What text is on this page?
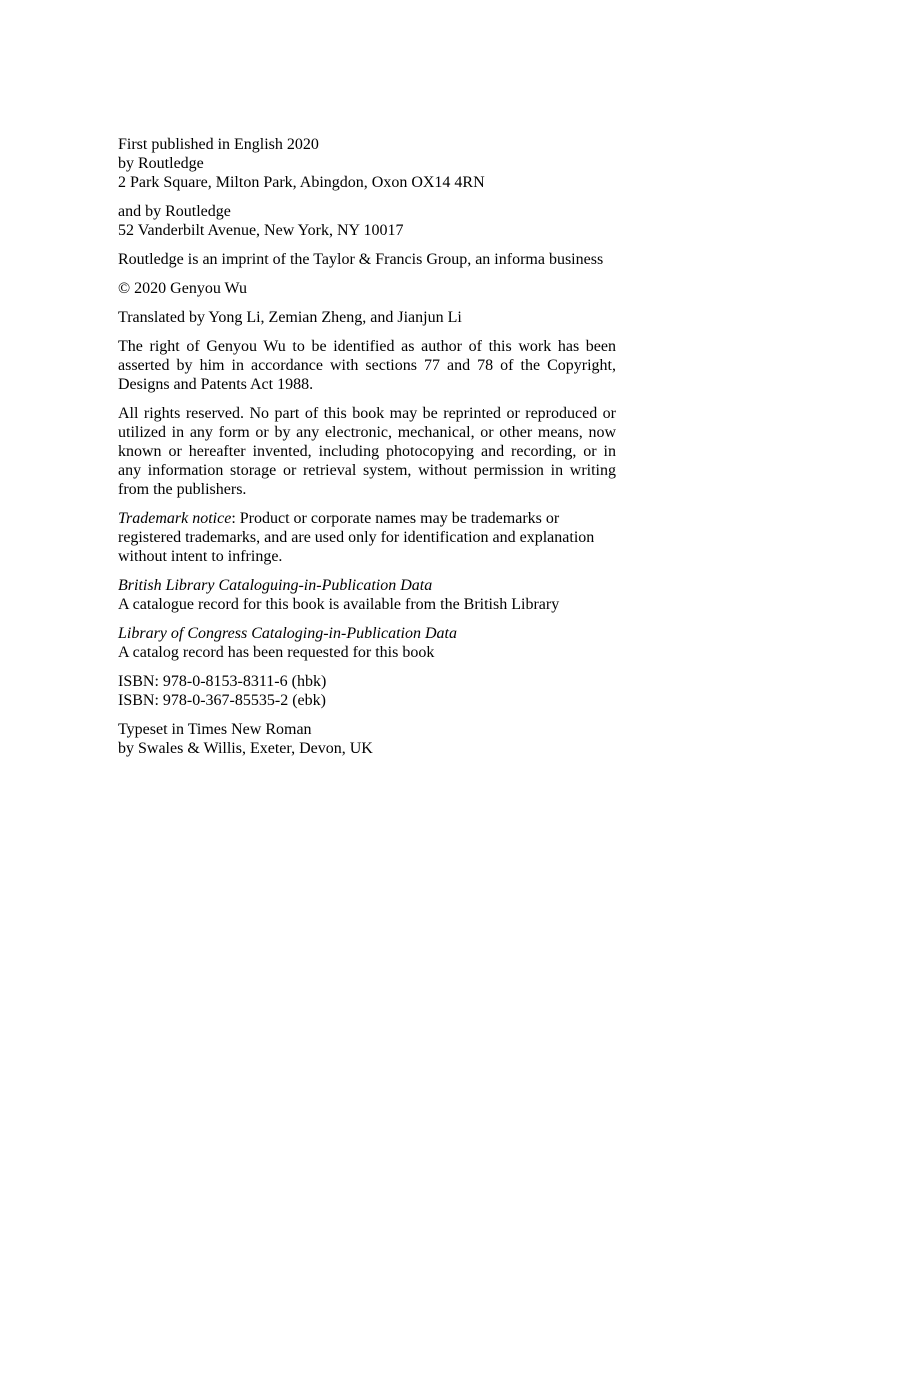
First published in English 2020
by Routledge
2 Park Square, Milton Park, Abingdon, Oxon OX14 4RN

and by Routledge
52 Vanderbilt Avenue, New York, NY 10017

Routledge is an imprint of the Taylor & Francis Group, an informa business

© 2020 Genyou Wu

Translated by Yong Li, Zemian Zheng, and Jianjun Li

The right of Genyou Wu to be identified as author of this work has been asserted by him in accordance with sections 77 and 78 of the Copyright, Designs and Patents Act 1988.

All rights reserved. No part of this book may be reprinted or reproduced or utilized in any form or by any electronic, mechanical, or other means, now known or hereafter invented, including photocopying and recording, or in any information storage or retrieval system, without permission in writing from the publishers.

Trademark notice: Product or corporate names may be trademarks or registered trademarks, and are used only for identification and explanation without intent to infringe.

British Library Cataloguing-in-Publication Data
A catalogue record for this book is available from the British Library

Library of Congress Cataloging-in-Publication Data
A catalog record has been requested for this book

ISBN: 978-0-8153-8311-6 (hbk)
ISBN: 978-0-367-85535-2 (ebk)

Typeset in Times New Roman
by Swales & Willis, Exeter, Devon, UK
